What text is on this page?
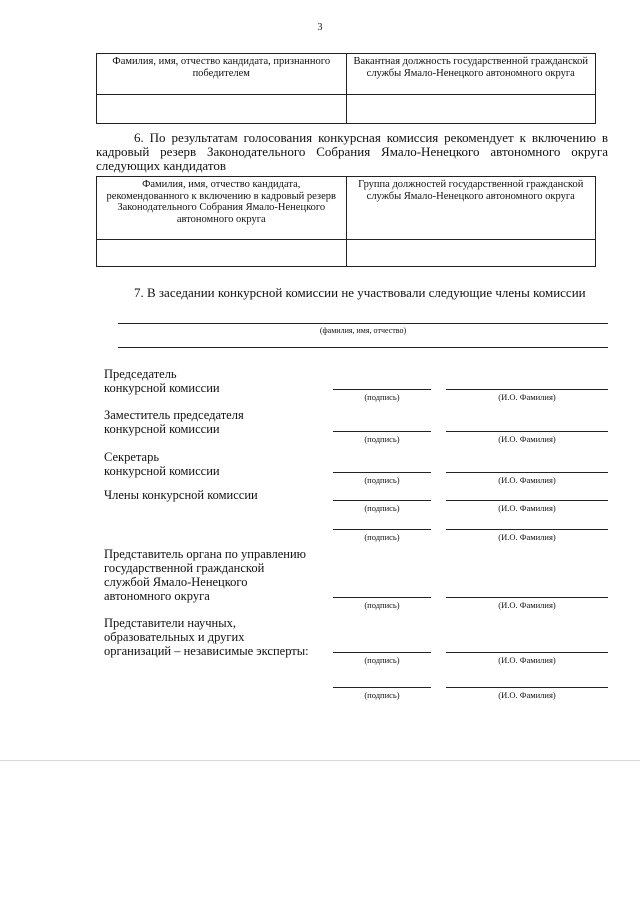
3
Фамилия, имя, отчество кандидата, признанного победителем	Вакантная должность государственной гражданской службы Ямало-Ненецкого автономного округа

6. По результатам голосования конкурсная комиссия рекомендует к включению в кадровый резерв Законодательного Собрания Ямало-Ненецкого автономного округа следующих кандидатов

Фамилия, имя, отчество кандидата, рекомендованного к включению в кадровый резерв Законодательного Собрания Ямало-Ненецкого автономного округа	Группа должностей государственной гражданской службы Ямало-Ненецкого автономного округа

7. В заседании конкурсной комиссии не участвовали следующие члены комиссии

(фамилия, имя, отчество)
Председатель
конкурсной комиссии
(подпись)	(И.О. Фамилия)
Заместитель председателя
конкурсной комиссии
(подпись)	(И.О. Фамилия)
Секретарь
конкурсной комиссии
(подпись)	(И.О. Фамилия)
Члены конкурсной комиссии
(подпись)	(И.О. Фамилия)
(подпись)	(И.О. Фамилия)
Представитель органа по управлению
государственной гражданской
службой Ямало-Ненецкого
автономного округа
(подпись)	(И.О. Фамилия)
Представители научных,
образовательных и других
организаций – независимые эксперты:
(подпись)	(И.О. Фамилия)
(подпись)	(И.О. Фамилия)
